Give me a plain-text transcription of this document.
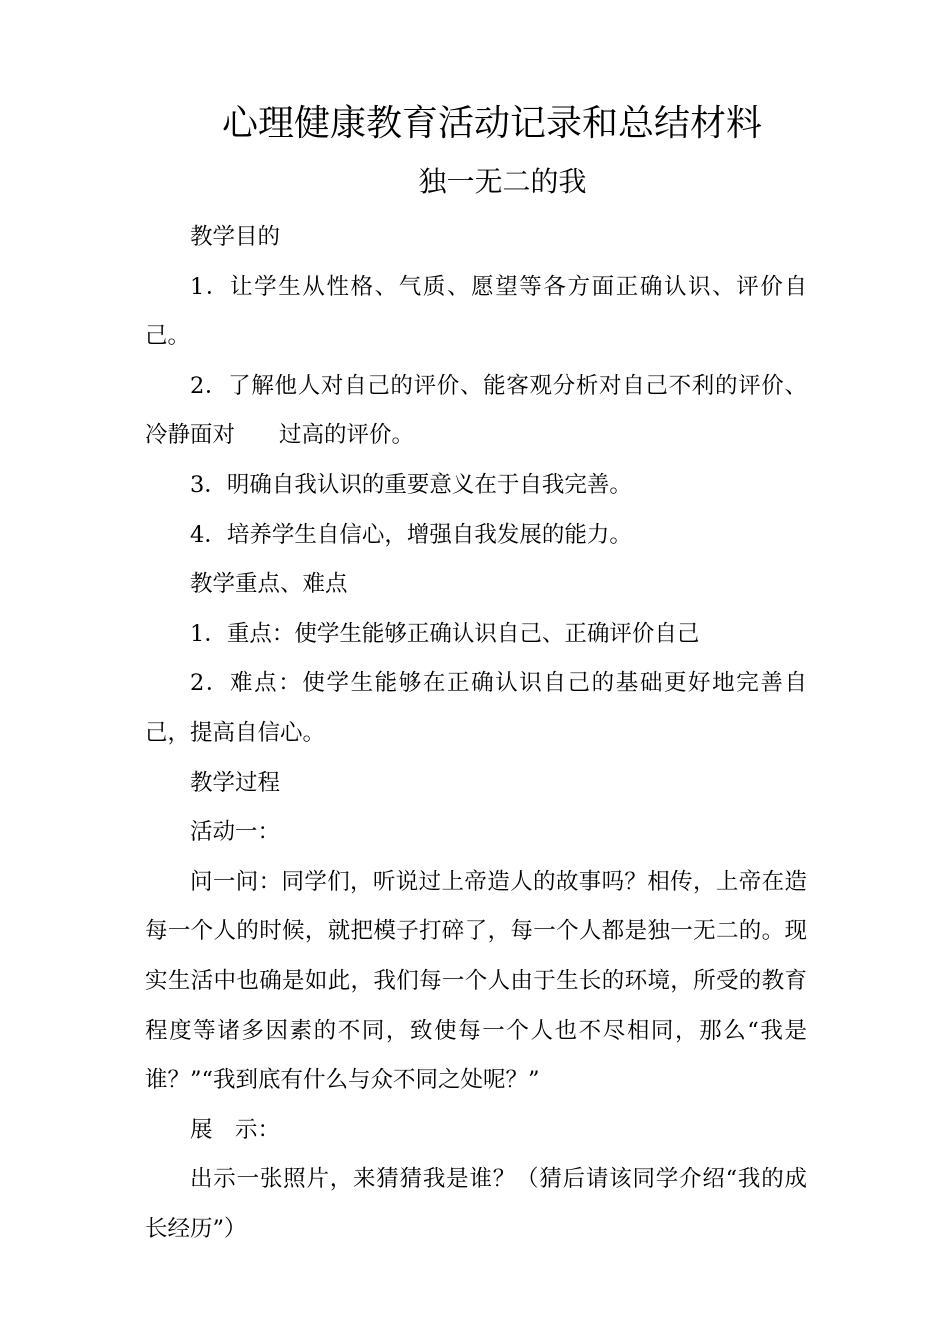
心理健康教育活动记录和总结材料
独一无二的我

教学目的

1．让学生从性格、气质、愿望等各方面正确认识、评价自己。

2．了解他人对自己的评价、能客观分析对自己不利的评价、冷静面对 过高的评价。

3．明确自我认识的重要意义在于自我完善。

4．培养学生自信心，增强自我发展的能力。

教学重点、难点

1．重点：使学生能够正确认识自己、正确评价自己

2．难点：使学生能够在正确认识自己的基础更好地完善自己，提高自信心。

教学过程

活动一：

问一问：同学们，听说过上帝造人的故事吗？相传，上帝在造每一个人的时候，就把模子打碎了，每一个人都是独一无二的。现实生活中也确是如此，我们每一个人由于生长的环境，所受的教育程度等诸多因素的不同，致使每一个人也不尽相同，那么“我是谁？”“我到底有什么与众不同之处呢？”

展　示：

出示一张照片，来猜猜我是谁？（猜后请该同学介绍“我的成长经历”）
